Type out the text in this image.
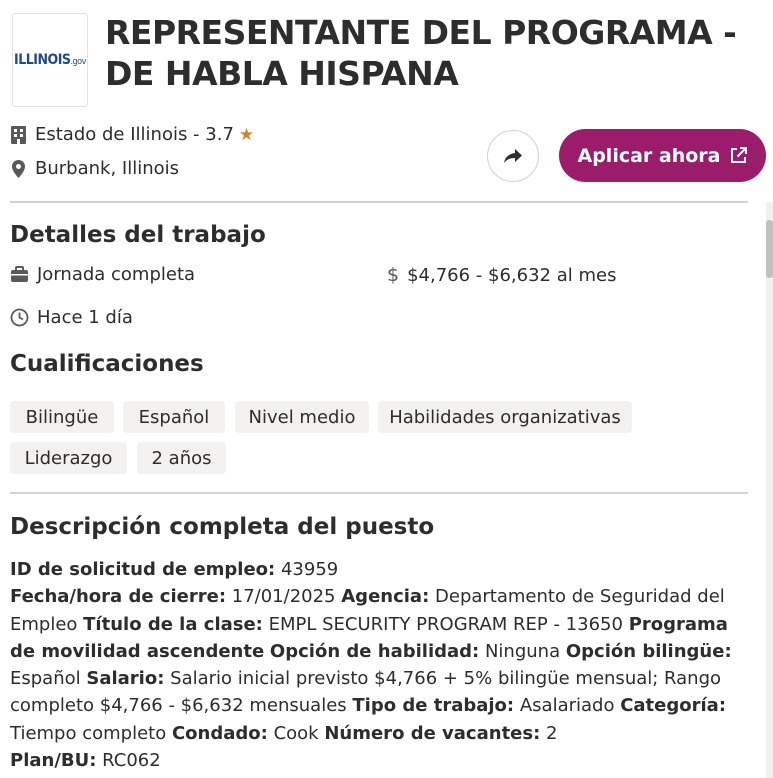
ILLINOIS.gov
REPRESENTANTE DEL PROGRAMA - DE HABLA HISPANA
Estado de Illinois - 3.7 ★
Burbank, Illinois
Aplicar ahora
Detalles del trabajo
Jornada completa	$ $4,766 - $6,632 al mes
Hace 1 día
Cualificaciones
Bilingüe	Español	Nivel medio	Habilidades organizativas
Liderazgo	2 años
Descripción completa del puesto
ID de solicitud de empleo: 43959
Fecha/hora de cierre: 17/01/2025 Agencia: Departamento de Seguridad del Empleo Título de la clase: EMPL SECURITY PROGRAM REP - 13650 Programa de movilidad ascendente Opción de habilidad: Ninguna Opción bilingüe: Español Salario: Salario inicial previsto $4,766 + 5% bilingüe mensual; Rango completo $4,766 - $6,632 mensuales Tipo de trabajo: Asalariado Categoría: Tiempo completo Condado: Cook Número de vacantes: 2
Plan/BU: RC062
